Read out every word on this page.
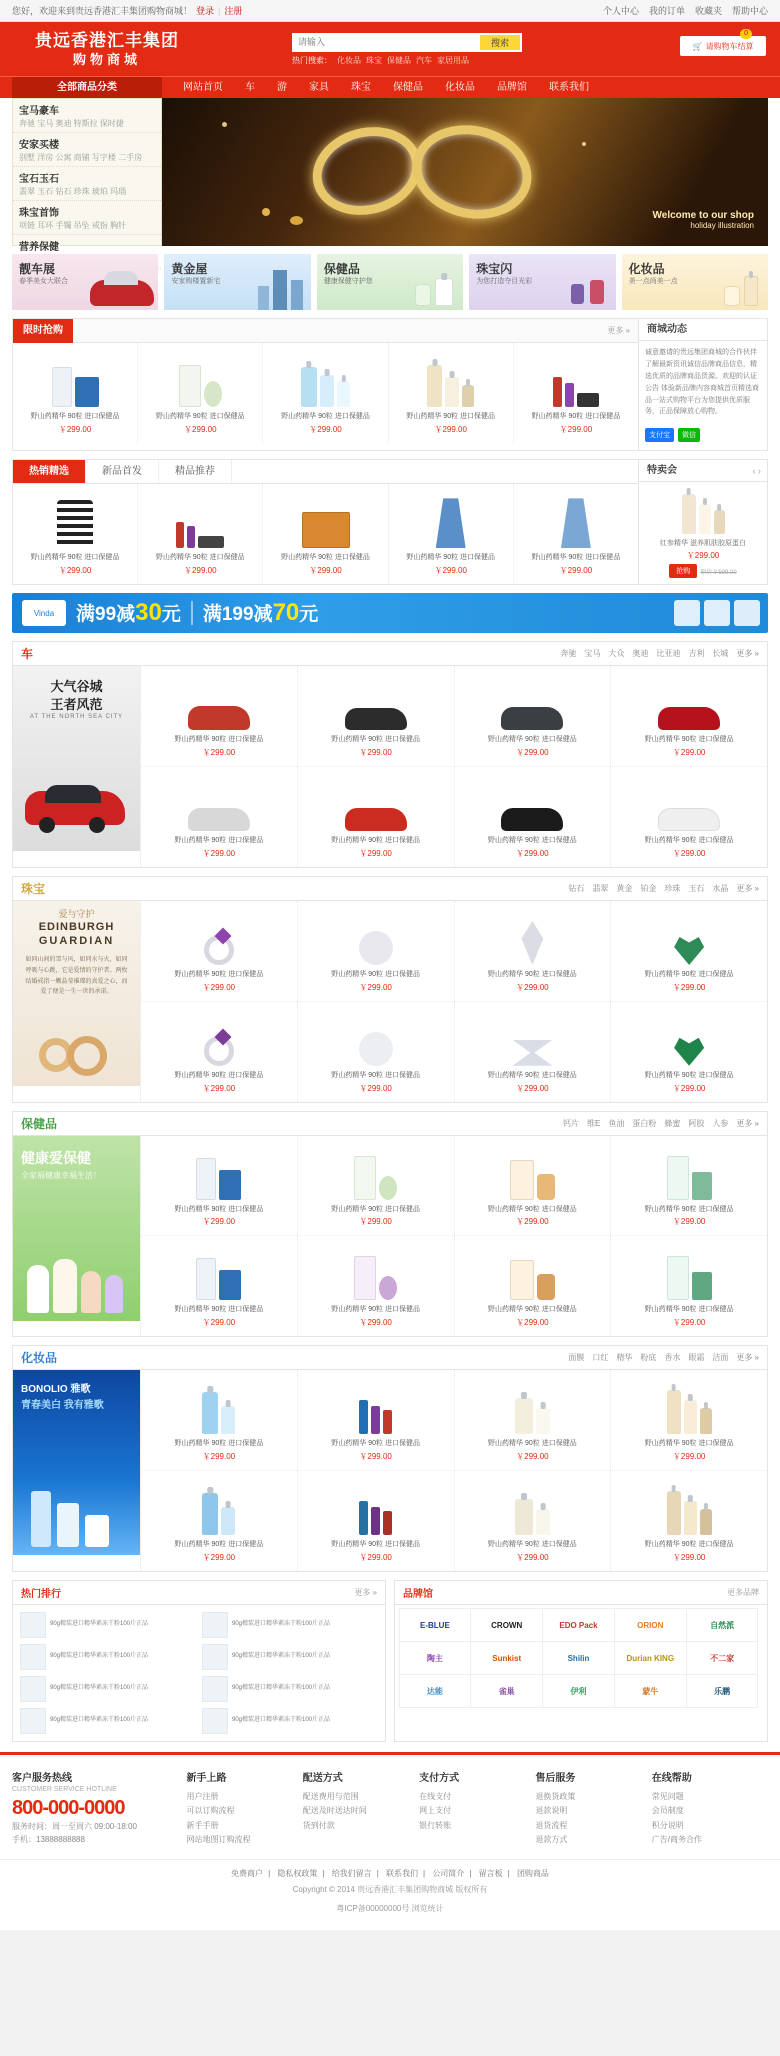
您好，欢迎来到贵远香港汇丰集团购物商城！ 登录 | 注册	个人中心 我的订单 收藏夹 帮助中心
贵远香港汇丰集团
购物商城
请输入
搜索
热门搜索： 化妆品 珠宝 保健品 汽车 家居用品
0
🛒 请购物车结算
全部商品分类	网站首页	车	游	家具	珠宝	保健品	化妆品	品牌馆	联系我们
宝马豪车
奔驰 宝马 奥迪 特斯拉 保时捷
安家买楼
别墅 洋房 公寓 商铺 写字楼 二手房
宝石玉石
翡翠 玉石 钻石 珍珠 琥珀 玛瑙
珠宝首饰
项链 耳环 手镯 吊坠 戒指 胸针
营养保健
Welcome to our shop
holiday illustration
靓车展
春季美女大联合
黄金屋
安家购楼置新宅
保健品
健康保健守护您
珠宝闪
为您打造夺目光彩
化妆品
美一点尚美一点
限时抢购	更多 »
野山药精华 90粒 进口保健品
￥299.00
野山药精华 90粒 进口保健品
￥299.00
野山药精华 90粒 进口保健品
￥299.00
野山药精华 90粒 进口保健品
￥299.00
野山药精华 90粒 进口保健品
￥299.00
商城动态
诚意邀请的贵远集团商城的合作伙伴了解最新资讯诚信品牌商品信息，精选优质的品牌商品货源。欢迎的认证公告 体验新品牌内容商城首页精选商品一站式购物平台为您提供优质服务，正品保障放心购物。
支付宝	微信
热销精选	新品首发	精品推荐
野山药精华 90粒 进口保健品
￥299.00
野山药精华 90粒 进口保健品
￥299.00
野山药精华 90粒 进口保健品
￥299.00
野山药精华 90粒 进口保健品
￥299.00
野山药精华 90粒 进口保健品
￥299.00
特卖会	‹ ›
红参精华 滋养肌肤胶原蛋白
￥299.00
抢购	原价￥599.00
Vinda	满99减30元 满199减70元
车	奔驰 宝马 大众 奥迪 比亚迪 吉利 长城 更多 »
大气谷城
王者风范
AT THE NORTH SEA CITY
野山药精华 90粒 进口保健品
￥299.00
野山药精华 90粒 进口保健品
￥299.00
野山药精华 90粒 进口保健品
￥299.00
野山药精华 90粒 进口保健品
￥299.00
野山药精华 90粒 进口保健品
￥299.00
野山药精华 90粒 进口保健品
￥299.00
野山药精华 90粒 进口保健品
￥299.00
野山药精华 90粒 进口保健品
￥299.00
珠宝	钻石 翡翠 黄金 铂金 珍珠 玉石 水晶 更多 »
爱与守护
EDINBURGH
GUARDIAN
如同山间的雪与风，如同水与火，如同呼吸与心跳，它是爱情的守护者。两枚结婚戒指一颗晶莹璀璨的真爱之心，而爱了便是一生一世的承诺。
野山药精华 90粒 进口保健品
￥299.00
野山药精华 90粒 进口保健品
￥299.00
野山药精华 90粒 进口保健品
￥299.00
野山药精华 90粒 进口保健品
￥299.00
野山药精华 90粒 进口保健品
￥299.00
野山药精华 90粒 进口保健品
￥299.00
野山药精华 90粒 进口保健品
￥299.00
野山药精华 90粒 进口保健品
￥299.00
保健品	钙片 维E 鱼油 蛋白粉 蜂蜜 阿胶 人参 更多 »
健康爱保健
全家福健康幸福生活！
野山药精华 90粒 进口保健品
￥299.00
野山药精华 90粒 进口保健品
￥299.00
野山药精华 90粒 进口保健品
￥299.00
野山药精华 90粒 进口保健品
￥299.00
野山药精华 90粒 进口保健品
￥299.00
野山药精华 90粒 进口保健品
￥299.00
野山药精华 90粒 进口保健品
￥299.00
野山药精华 90粒 进口保健品
￥299.00
化妆品	面膜 口红 精华 粉底 香水 眼霜 洁面 更多 »
BONOLIO 雅歌
青春美白 我有雅歌
野山药精华 90粒 进口保健品
￥299.00
野山药精华 90粒 进口保健品
￥299.00
野山药精华 90粒 进口保健品
￥299.00
野山药精华 90粒 进口保健品
￥299.00
野山药精华 90粒 进口保健品
￥299.00
野山药精华 90粒 进口保健品
￥299.00
野山药精华 90粒 进口保健品
￥299.00
野山药精华 90粒 进口保健品
￥299.00
热门排行	更多 »
90g精装进口精华素冻干粉100片正品	90g精装进口精华素冻干粉100片正品
90g精装进口精华素冻干粉100片正品	90g精装进口精华素冻干粉100片正品
90g精装进口精华素冻干粉100片正品	90g精装进口精华素冻干粉100片正品
90g精装进口精华素冻干粉100片正品	90g精装进口精华素冻干粉100片正品
品牌馆	更多品牌
E-BLUE	CROWN	EDO Pack	ORION	自然派
陶主	Sunkist	Shilin	Durian KING	不二家
达能	雀巢	伊利	蒙牛	乐鹏
客户服务热线
CUSTOMER SERVICE HOTLINE
800-000-0000
服务时间：周一至周六 09:00-18:00
手机：13888888888
新手上路
用户注册
可以订购流程
新手手册
网站地图订购流程
配送方式
配送费用与范围
配送及时送达时间
货到付款
支付方式
在线支付
网上支付
银行转账
售后服务
退换货政策
退款说明
退货流程
退款方式
在线帮助
常见问题
会员制度
积分说明
广告/商务合作
免费商户 | 隐私权政策 | 给我们留言 | 联系我们 | 公司简介 | 留言板 | 团购商品
Copyright © 2014 贵远香港汇丰集团购物商城 版权所有
粤ICP备00000000号 浏览统计
